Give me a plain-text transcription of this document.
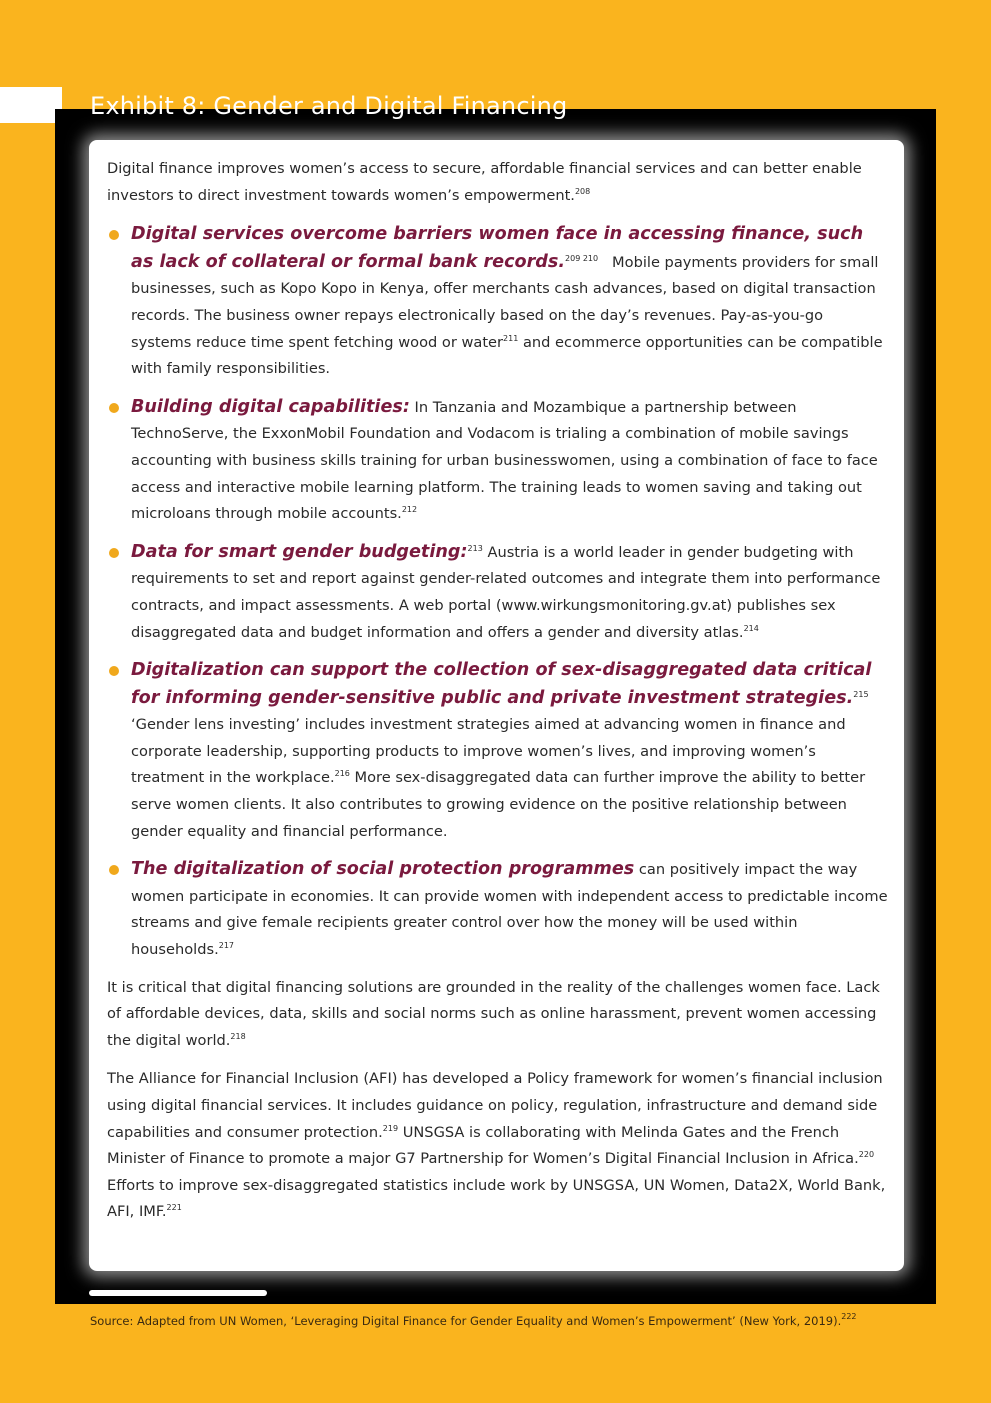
Exhibit 8: Gender and Digital Financing

Digital finance improves women’s access to secure, affordable financial services and can better enable investors to direct investment towards women’s empowerment.$^{208}$

Digital services overcome barriers women face in accessing finance, such as lack of collateral or formal bank records.$^{209 210}$ Mobile payments providers for small businesses, such as Kopo Kopo in Kenya, offer merchants cash advances, based on digital transaction records. The business owner repays electronically based on the day’s revenues. Pay-as-you-go systems reduce time spent fetching wood or water$^{211}$ and ecommerce opportunities can be compatible with family responsibilities.
Building digital capabilities: In Tanzania and Mozambique a partnership between TechnoServe, the ExxonMobil Foundation and Vodacom is trialing a combination of mobile savings accounting with business skills training for urban businesswomen, using a combination of face to face access and interactive mobile learning platform. The training leads to women saving and taking out microloans through mobile accounts.$^{212}$
Data for smart gender budgeting:$^{213}$ Austria is a world leader in gender budgeting with requirements to set and report against gender-related outcomes and integrate them into performance contracts, and impact assessments. A web portal (www.wirkungsmonitoring.gv.at) publishes sex disaggregated data and budget information and offers a gender and diversity atlas.$^{214}$
Digitalization can support the collection of sex-disaggregated data critical for informing gender-sensitive public and private investment strategies.$^{215}$ ‘Gender lens investing’ includes investment strategies aimed at advancing women in finance and corporate leadership, supporting products to improve women’s lives, and improving women’s treatment in the workplace.$^{216}$ More sex-disaggregated data can further improve the ability to better serve women clients. It also contributes to growing evidence on the positive relationship between gender equality and financial performance.
The digitalization of social protection programmes can positively impact the way women participate in economies. It can provide women with independent access to predictable income streams and give female recipients greater control over how the money will be used within households.$^{217}$

It is critical that digital financing solutions are grounded in the reality of the challenges women face. Lack of affordable devices, data, skills and social norms such as online harassment, prevent women accessing the digital world.$^{218}$

The Alliance for Financial Inclusion (AFI) has developed a Policy framework for women’s financial inclusion using digital financial services. It includes guidance on policy, regulation, infrastructure and demand side capabilities and consumer protection.$^{219}$ UNSGSA is collaborating with Melinda Gates and the French Minister of Finance to promote a major G7 Partnership for Women’s Digital Financial Inclusion in Africa.$^{220}$ Efforts to improve sex-disaggregated statistics include work by UNSGSA, UN Women, Data2X, World Bank, AFI, IMF.$^{221}$

Source: Adapted from UN Women, ‘Leveraging Digital Finance for Gender Equality and Women’s Empowerment’ (New York, 2019).$^{222}$
